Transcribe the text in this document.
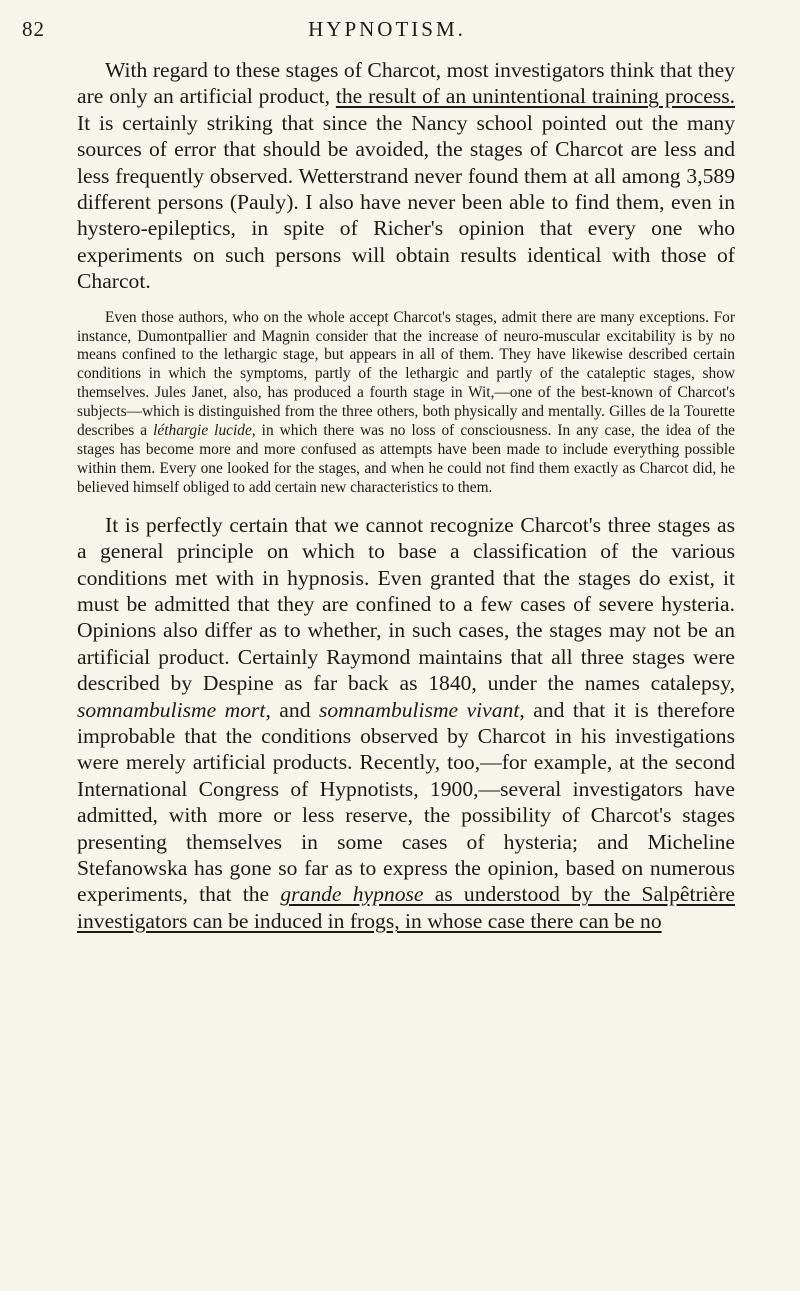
82	HYPNOTISM.

With regard to these stages of Charcot, most investigators think that they are only an artificial product, the result of an unintentional training process. It is certainly striking that since the Nancy school pointed out the many sources of error that should be avoided, the stages of Charcot are less and less frequently observed. Wetterstrand never found them at all among 3,589 different persons (Pauly). I also have never been able to find them, even in hystero-epileptics, in spite of Richer's opinion that every one who experiments on such persons will obtain results identical with those of Charcot.

Even those authors, who on the whole accept Charcot's stages, admit there are many exceptions. For instance, Dumontpallier and Magnin consider that the increase of neuro-muscular excitability is by no means confined to the lethargic stage, but appears in all of them. They have likewise described certain conditions in which the symptoms, partly of the lethargic and partly of the cataleptic stages, show themselves. Jules Janet, also, has produced a fourth stage in Wit,—one of the best-known of Charcot's subjects—which is distinguished from the three others, both physically and mentally. Gilles de la Tourette describes a léthargie lucide, in which there was no loss of consciousness. In any case, the idea of the stages has become more and more confused as attempts have been made to include everything possible within them. Every one looked for the stages, and when he could not find them exactly as Charcot did, he believed himself obliged to add certain new characteristics to them.

It is perfectly certain that we cannot recognize Charcot's three stages as a general principle on which to base a classification of the various conditions met with in hypnosis. Even granted that the stages do exist, it must be admitted that they are confined to a few cases of severe hysteria. Opinions also differ as to whether, in such cases, the stages may not be an artificial product. Certainly Raymond maintains that all three stages were described by Despine as far back as 1840, under the names catalepsy, somnambulisme mort, and somnambulisme vivant, and that it is therefore improbable that the conditions observed by Charcot in his investigations were merely artificial products. Recently, too,—for example, at the second International Congress of Hypnotists, 1900,—several investigators have admitted, with more or less reserve, the possibility of Charcot's stages presenting themselves in some cases of hysteria; and Micheline Stefanowska has gone so far as to express the opinion, based on numerous experiments, that the grande hypnose as understood by the Salpêtrière investigators can be induced in frogs, in whose case there can be no
